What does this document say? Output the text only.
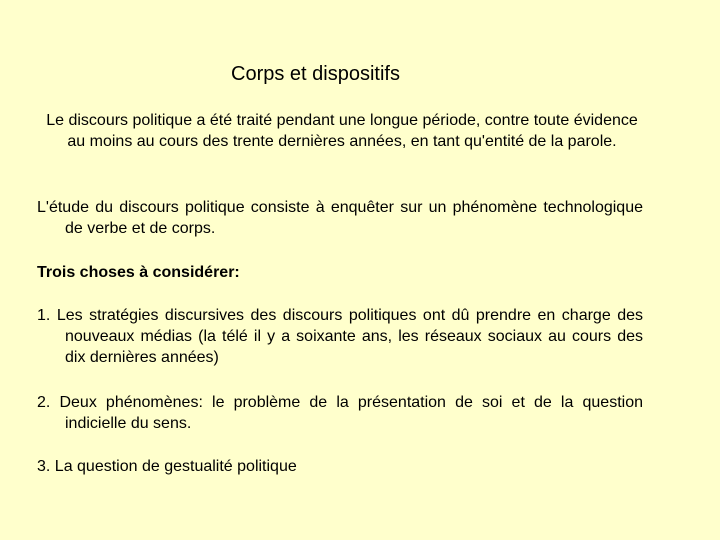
Corps et dispositifs
Le discours politique a été traité pendant une longue période, contre toute évidence au moins au cours des trente dernières années, en tant qu'entité de la parole.
L'étude du discours politique consiste à enquêter sur un phénomène technologique de verbe et de corps.
Trois choses à considérer:
1. Les stratégies discursives des discours politiques ont dû prendre en charge des nouveaux médias (la télé il y a soixante ans, les réseaux sociaux au cours des dix dernières années)
2. Deux phénomènes: le problème de la présentation de soi et de la question indicielle du sens.
3. La question de gestualité politique
